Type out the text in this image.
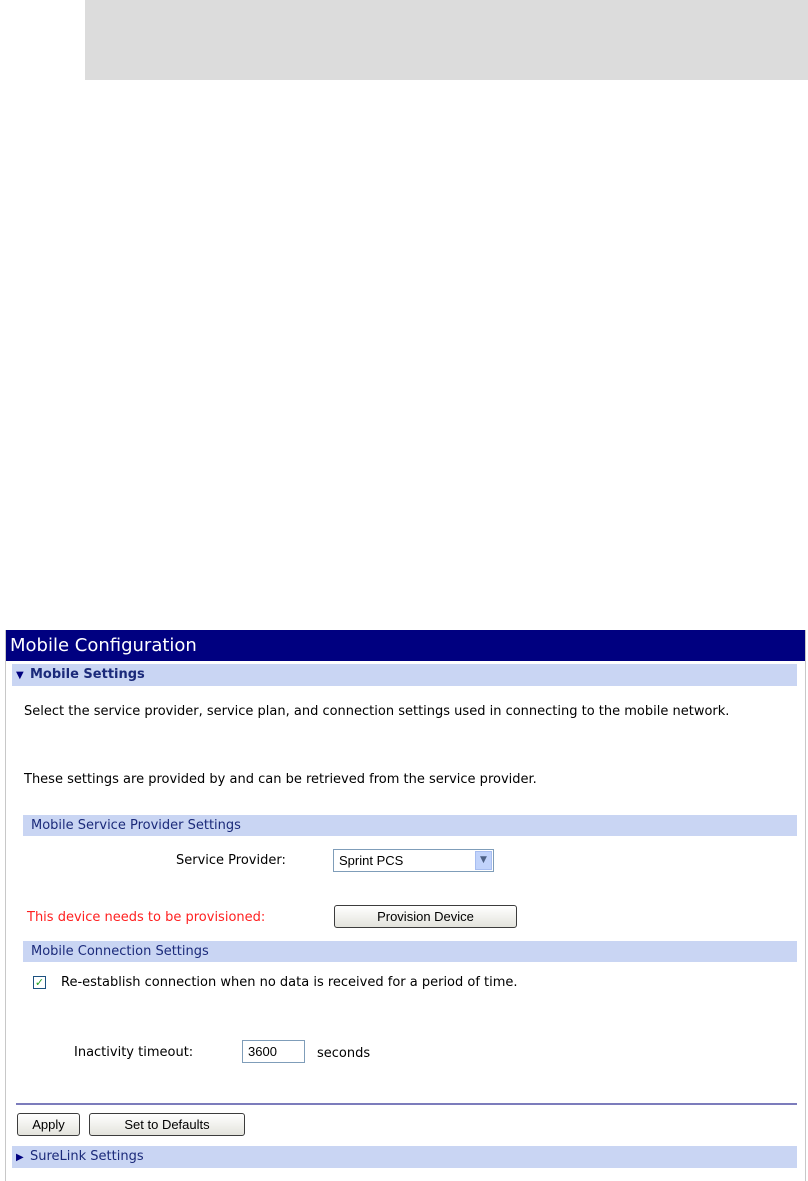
Mobile Configuration
▼ Mobile Settings
Select the service provider, service plan, and connection settings used in connecting to the mobile network.
These settings are provided by and can be retrieved from the service provider.
Mobile Service Provider Settings
Service Provider:	Sprint PCS	▼
This device needs to be provisioned:	Provision Device
Mobile Connection Settings
✓ Re-establish connection when no data is received for a period of time.
Inactivity timeout:	3600	seconds
Apply	Set to Defaults
▶ SureLink Settings
